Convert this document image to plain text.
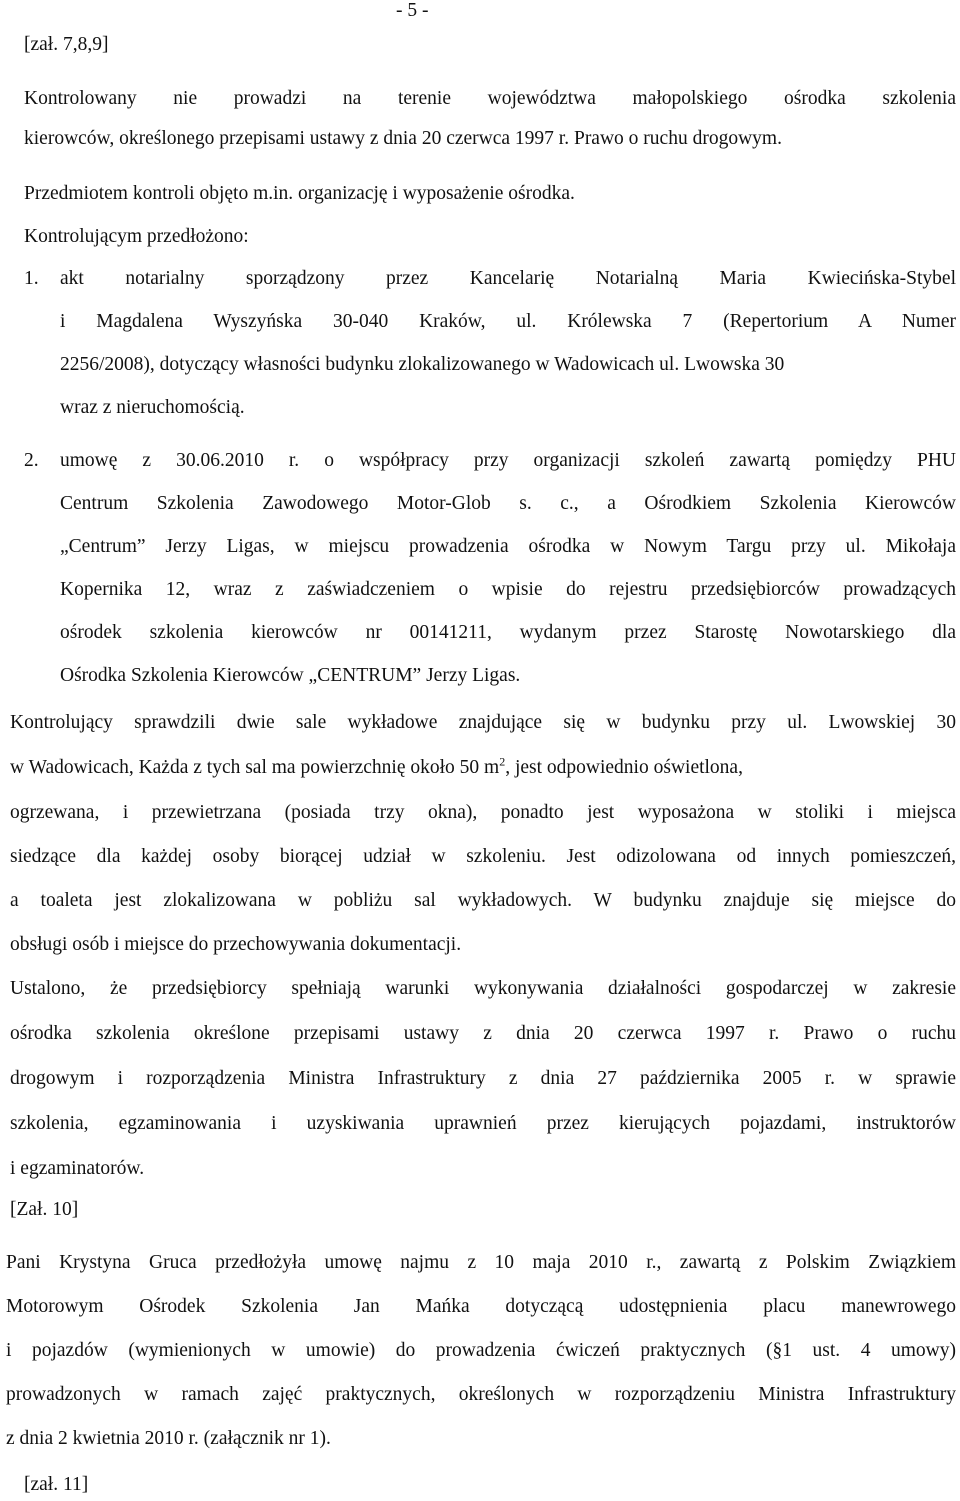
- 5 -
[zał. 7,8,9]
Kontrolowany nie prowadzi na terenie województwa małopolskiego ośrodka szkolenia
kierowców, określonego przepisami ustawy z dnia 20 czerwca 1997 r. Prawo o ruchu drogowym.
Przedmiotem kontroli objęto m.in. organizację i wyposażenie ośrodka.
Kontrolującym przedłożono:
1. akt notarialny sporządzony przez Kancelarię Notarialną Maria Kwiecińska-Stybel
i Magdalena Wyszyńska 30-040 Kraków, ul. Królewska 7 (Repertorium A Numer
2256/2008), dotyczący własności budynku zlokalizowanego w Wadowicach ul. Lwowska 30
wraz z nieruchomością.
2. umowę z 30.06.2010 r. o współpracy przy organizacji szkoleń zawartą pomiędzy PHU
Centrum Szkolenia Zawodowego Motor-Glob s. c., a Ośrodkiem Szkolenia Kierowców
„Centrum” Jerzy Ligas, w miejscu prowadzenia ośrodka w Nowym Targu przy ul. Mikołaja
Kopernika 12, wraz z zaświadczeniem o wpisie do rejestru przedsiębiorców prowadzących
ośrodek szkolenia kierowców nr 00141211, wydanym przez Starostę Nowotarskiego dla
Ośrodka Szkolenia Kierowców „CENTRUM” Jerzy Ligas.
Kontrolujący sprawdzili dwie sale wykładowe znajdujące się w budynku przy ul. Lwowskiej 30
w Wadowicach, Każda z tych sal ma powierzchnię około 50 $m^2$, jest odpowiednio oświetlona,
ogrzewana, i przewietrzana (posiada trzy okna), ponadto jest wyposażona w stoliki i miejsca
siedzące dla każdej osoby biorącej udział w szkoleniu. Jest odizolowana od innych pomieszczeń,
a toaleta jest zlokalizowana w pobliżu sal wykładowych. W budynku znajduje się miejsce do
obsługi osób i miejsce do przechowywania dokumentacji.
Ustalono, że przedsiębiorcy spełniają warunki wykonywania działalności gospodarczej w zakresie
ośrodka szkolenia określone przepisami ustawy z dnia 20 czerwca 1997 r. Prawo o ruchu
drogowym i rozporządzenia Ministra Infrastruktury z dnia 27 października 2005 r. w sprawie
szkolenia, egzaminowania i uzyskiwania uprawnień przez kierujących pojazdami, instruktorów
i egzaminatorów.
[Zał. 10]
Pani Krystyna Gruca przedłożyła umowę najmu z 10 maja 2010 r., zawartą z Polskim Związkiem
Motorowym Ośrodek Szkolenia Jan Mańka dotyczącą udostępnienia placu manewrowego
i pojazdów (wymienionych w umowie) do prowadzenia ćwiczeń praktycznych (§1 ust. 4 umowy)
prowadzonych w ramach zajęć praktycznych, określonych w rozporządzeniu Ministra Infrastruktury
z dnia 2 kwietnia 2010 r. (załącznik nr 1).
[zał. 11]
